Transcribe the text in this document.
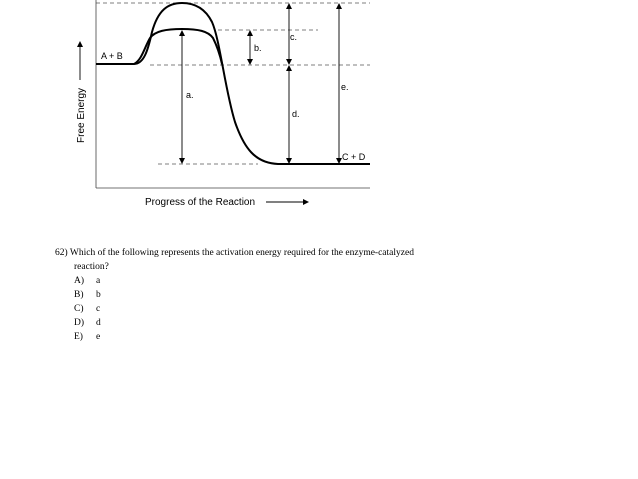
A + B
C + D
a.
b.
c.
d.
e.
Free Energy
Progress of the Reaction
62) Which of the following represents the activation energy required for the enzyme-catalyzed
reaction?
A) a
B) b
C) c
D) d
E) e
